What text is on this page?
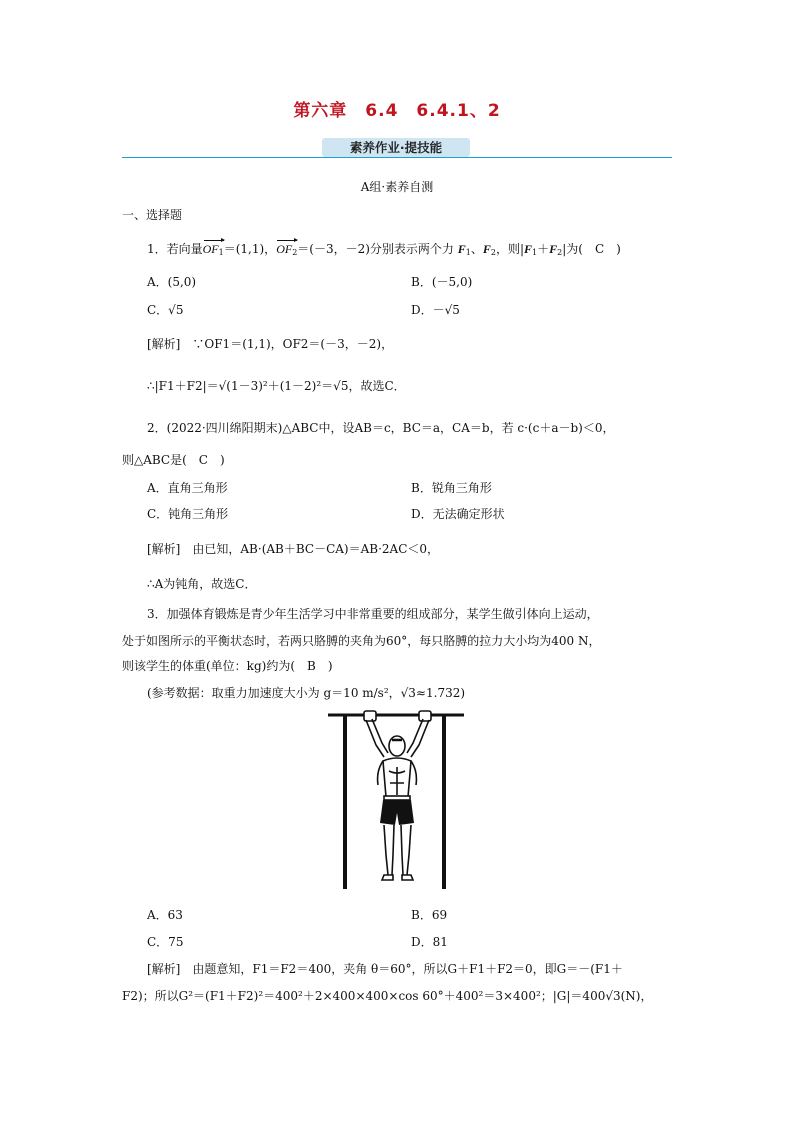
第六章　6.4　6.4.1、2
素养作业·提技能
A组·素养自测
一、选择题
1．若向量$OF_1=(1,1)$，$OF_2=(-3$，－2)分别表示两个力 $F_1$、$F_2$，则$|F_1+F_2|$为(　C　)
A．(5,0)	B．(－5,0)
C．√5	D．－√5
[解析]　 ∵OF1＝(1,1)，OF2＝(－3，－2)，
∴|F1＋F2|＝√(1－3)²＋(1－2)²＝√5，故选C．
2．(2022·四川绵阳期末)△ABC中，设AB＝c，BC＝a，CA＝b，若 c·(c＋a－b)＜0，
则△ABC是(　C　)
A．直角三角形	B．锐角三角形
C．钝角三角形	D．无法确定形状
[解析]　 由已知，AB·(AB＋BC－CA)＝AB·2AC＜0，
∴A为钝角，故选C．
3．加强体育锻炼是青少年生活学习中非常重要的组成部分，某学生做引体向上运动，
处于如图所示的平衡状态时，若两只胳膊的夹角为60°，每只胳膊的拉力大小均为400 N，
则该学生的体重(单位：kg)约为(　B　)
(参考数据：取重力加速度大小为 g＝10 m/s²，√3≈1.732)
A．63	B．69
C．75	D．81
[解析]　 由题意知，F1＝F2＝400，夹角 θ＝60°，所以G＋F1＋F2＝0，即G＝－(F1＋
F2)；所以G²＝(F1＋F2)²＝400²＋2×400×400×cos 60°＋400²＝3×400²；|G|＝400√3(N)，
